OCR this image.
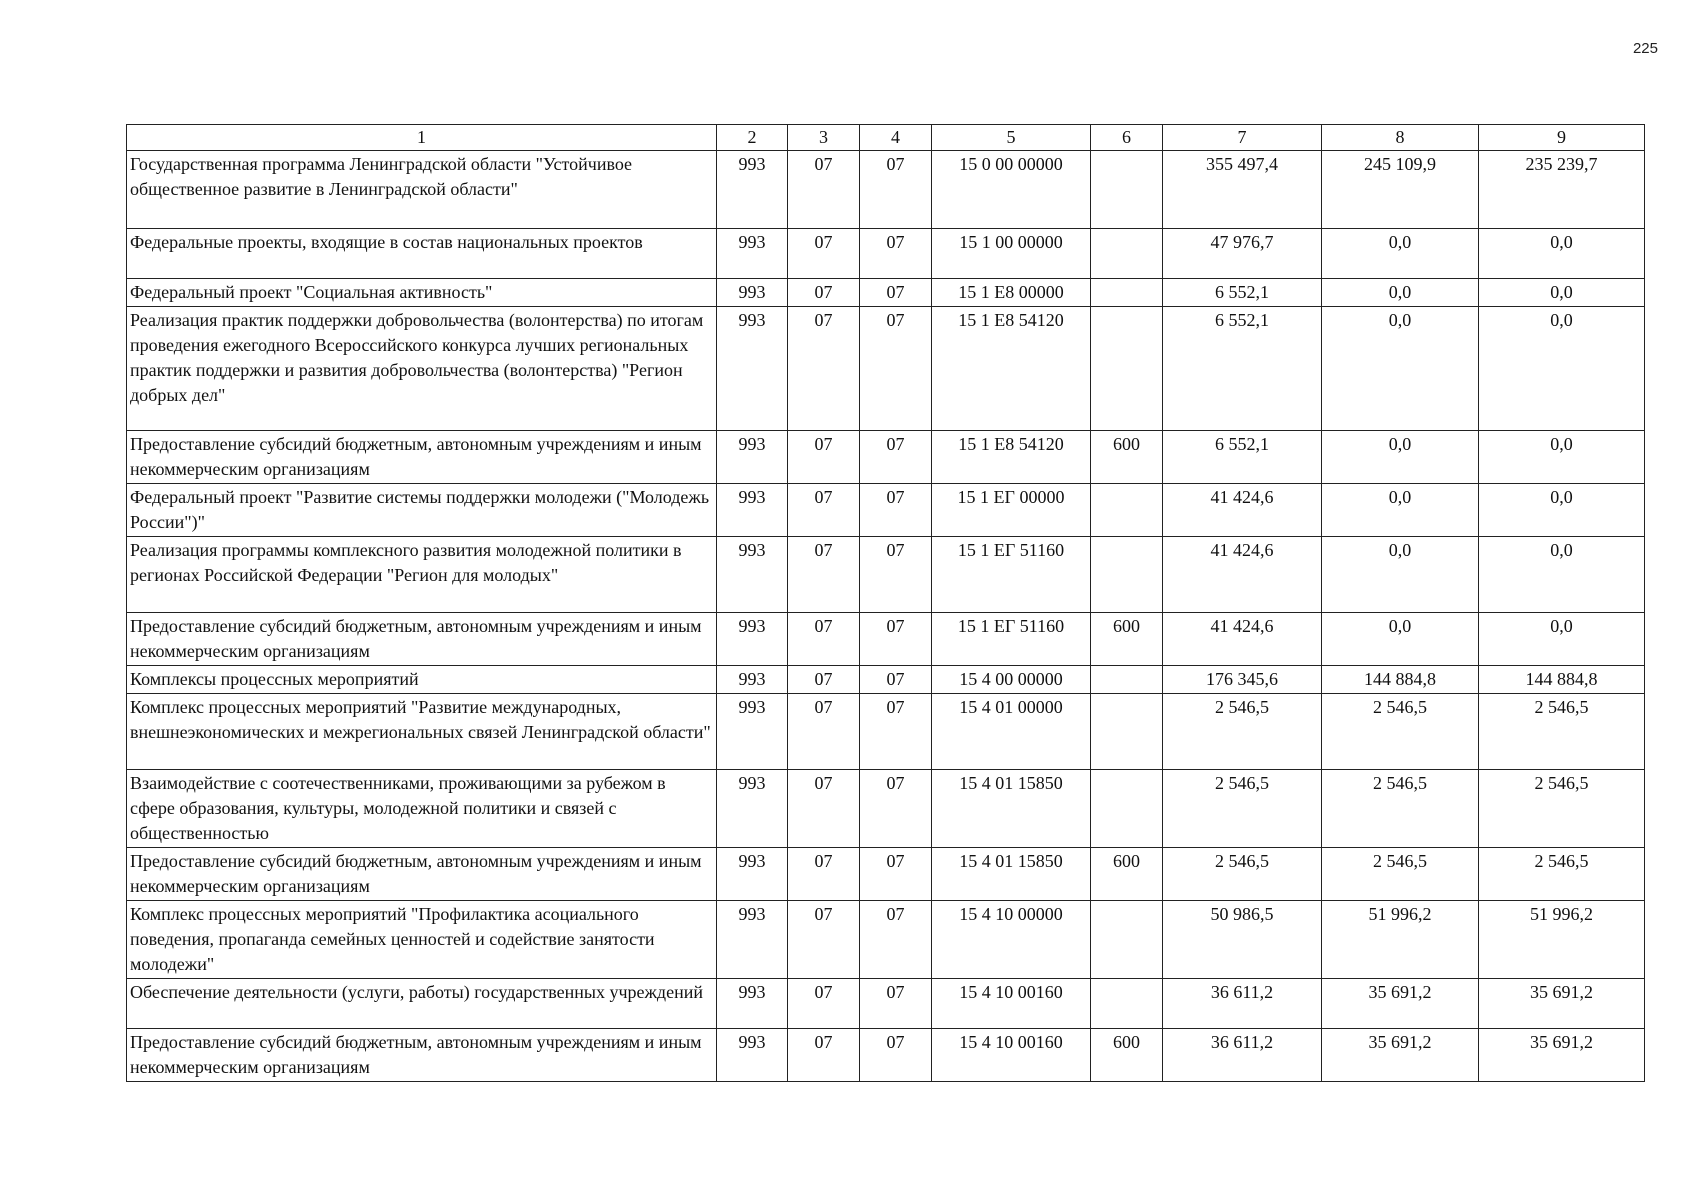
225
1	2	3	4	5	6	7	8	9
Государственная программа Ленинградской области "Устойчивое общественное развитие в Ленинградской области"	993	07	07	15 0 00 00000		355 497,4	245 109,9	235 239,7
Федеральные проекты, входящие в состав национальных проектов	993	07	07	15 1 00 00000		47 976,7	0,0	0,0
Федеральный проект "Социальная активность"	993	07	07	15 1 E8 00000		6 552,1	0,0	0,0
Реализация практик поддержки добровольчества (волонтерства) по итогам проведения ежегодного Всероссийского конкурса лучших региональных практик поддержки и развития добровольчества (волонтерства) "Регион добрых дел"	993	07	07	15 1 E8 54120		6 552,1	0,0	0,0
Предоставление субсидий бюджетным, автономным учреждениям и иным некоммерческим организациям	993	07	07	15 1 E8 54120	600	6 552,1	0,0	0,0
Федеральный проект "Развитие системы поддержки молодежи ("Молодежь России")"	993	07	07	15 1 EГ 00000		41 424,6	0,0	0,0
Реализация программы комплексного развития молодежной политики в регионах Российской Федерации "Регион для молодых"	993	07	07	15 1 EГ 51160		41 424,6	0,0	0,0
Предоставление субсидий бюджетным, автономным учреждениям и иным некоммерческим организациям	993	07	07	15 1 EГ 51160	600	41 424,6	0,0	0,0
Комплексы процессных мероприятий	993	07	07	15 4 00 00000		176 345,6	144 884,8	144 884,8
Комплекс процессных мероприятий "Развитие международных, внешнеэкономических и межрегиональных связей Ленинградской области"	993	07	07	15 4 01 00000		2 546,5	2 546,5	2 546,5
Взаимодействие с соотечественниками, проживающими за рубежом в сфере образования, культуры, молодежной политики и связей с общественностью	993	07	07	15 4 01 15850		2 546,5	2 546,5	2 546,5
Предоставление субсидий бюджетным, автономным учреждениям и иным некоммерческим организациям	993	07	07	15 4 01 15850	600	2 546,5	2 546,5	2 546,5
Комплекс процессных мероприятий "Профилактика асоциального поведения, пропаганда семейных ценностей и содействие занятости молодежи"	993	07	07	15 4 10 00000		50 986,5	51 996,2	51 996,2
Обеспечение деятельности (услуги, работы) государственных учреждений	993	07	07	15 4 10 00160		36 611,2	35 691,2	35 691,2
Предоставление субсидий бюджетным, автономным учреждениям и иным некоммерческим организациям	993	07	07	15 4 10 00160	600	36 611,2	35 691,2	35 691,2
